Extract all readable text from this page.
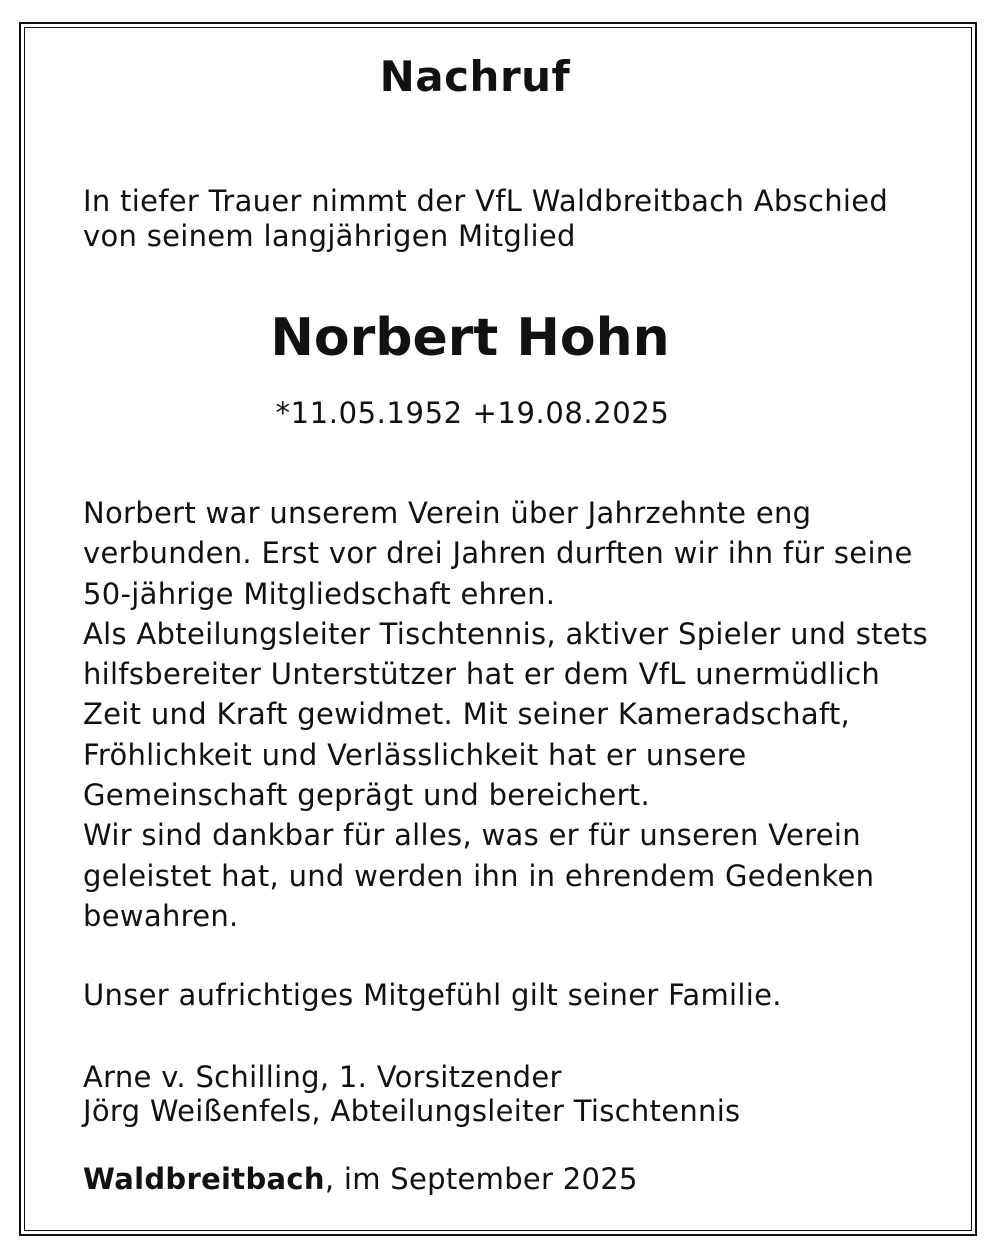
Nachruf
In tiefer Trauer nimmt der VfL Waldbreitbach Abschied
von seinem langjährigen Mitglied
Norbert Hohn
*11.05.1952 +19.08.2025
Norbert war unserem Verein über Jahrzehnte eng
verbunden. Erst vor drei Jahren durften wir ihn für seine
50-jährige Mitgliedschaft ehren.
Als Abteilungsleiter Tischtennis, aktiver Spieler und stets
hilfsbereiter Unterstützer hat er dem VfL unermüdlich
Zeit und Kraft gewidmet. Mit seiner Kameradschaft,
Fröhlichkeit und Verlässlichkeit hat er unsere
Gemeinschaft geprägt und bereichert.
Wir sind dankbar für alles, was er für unseren Verein
geleistet hat, und werden ihn in ehrendem Gedenken
bewahren.
Unser aufrichtiges Mitgefühl gilt seiner Familie.
Arne v. Schilling, 1. Vorsitzender
Jörg Weißenfels, Abteilungsleiter Tischtennis
Waldbreitbach, im September 2025
